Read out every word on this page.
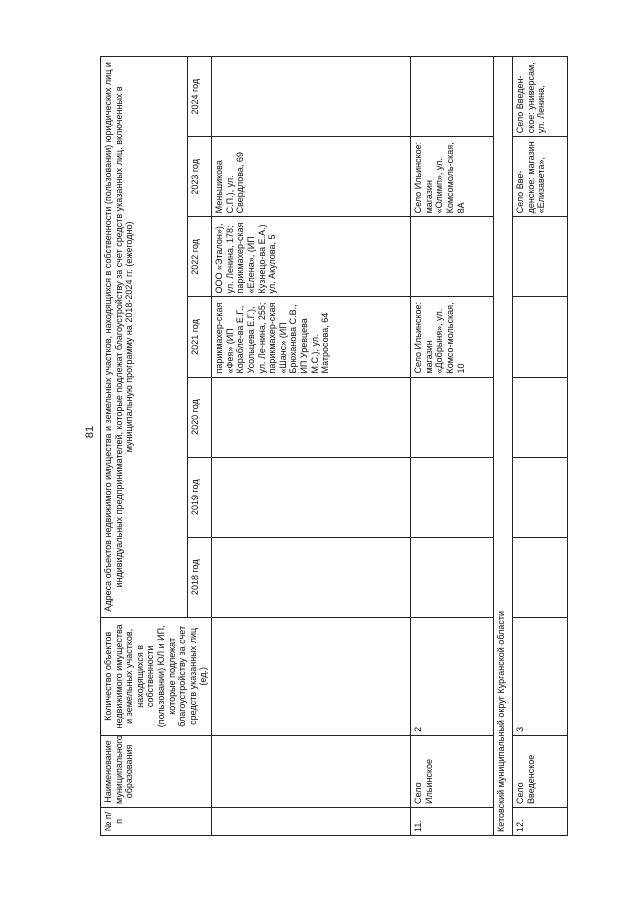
81
№ п/п	Наименование муниципального образования	Количество объектов недвижимого имущества и земельных участков, находящихся в собственности (пользовании) ЮЛ и ИП, которые подлежат благоустройству за счет средств указанных лиц (ед.)	Адреса объектов недвижимого имущества и земельных участков, находящихся в собственности (пользовании) юридических лиц и индивидуальных предпринимателей, которые подлежат благоустройству за счет средств указанных лиц, включенных в муниципальную программу на 2018-2024 гг. (ежегодно)						
			2018 год	2019 год	2020 год	2021 год	2022 год	2023 год	2024 год
						парикмахер-ская «Фея» (ИП Корабле-ва Е.Г., Усольцева Е.Г.), ул. Ле-нина, 255; парикмахер-ская «Шанс» (ИП Брюханова С.В., ИП Уревцева М.С.), ул. Матросова, 64	ООО «Эталон»), ул. Ленина, 178; парикмахер-ская «Елена», (ИП Кузнецо-ва Е.А.) ул. Акулова, 5	Меньшикова С.П.), ул. Свердлова, 69	
11.	Село Ильинское	2				Село Ильинское: магазин «Добрыня», ул. Комсо-мольская, 10		Село Ильинское: магазин «Олимп», ул. Комсомоль-ская, 8А	
Кетовский муниципальный округ Курганской области									
12.	Село Введенское	3						Село Вве-денское: магазин «Елизавета»,	Село Введен-ское: универсам, ул. Ленина,
